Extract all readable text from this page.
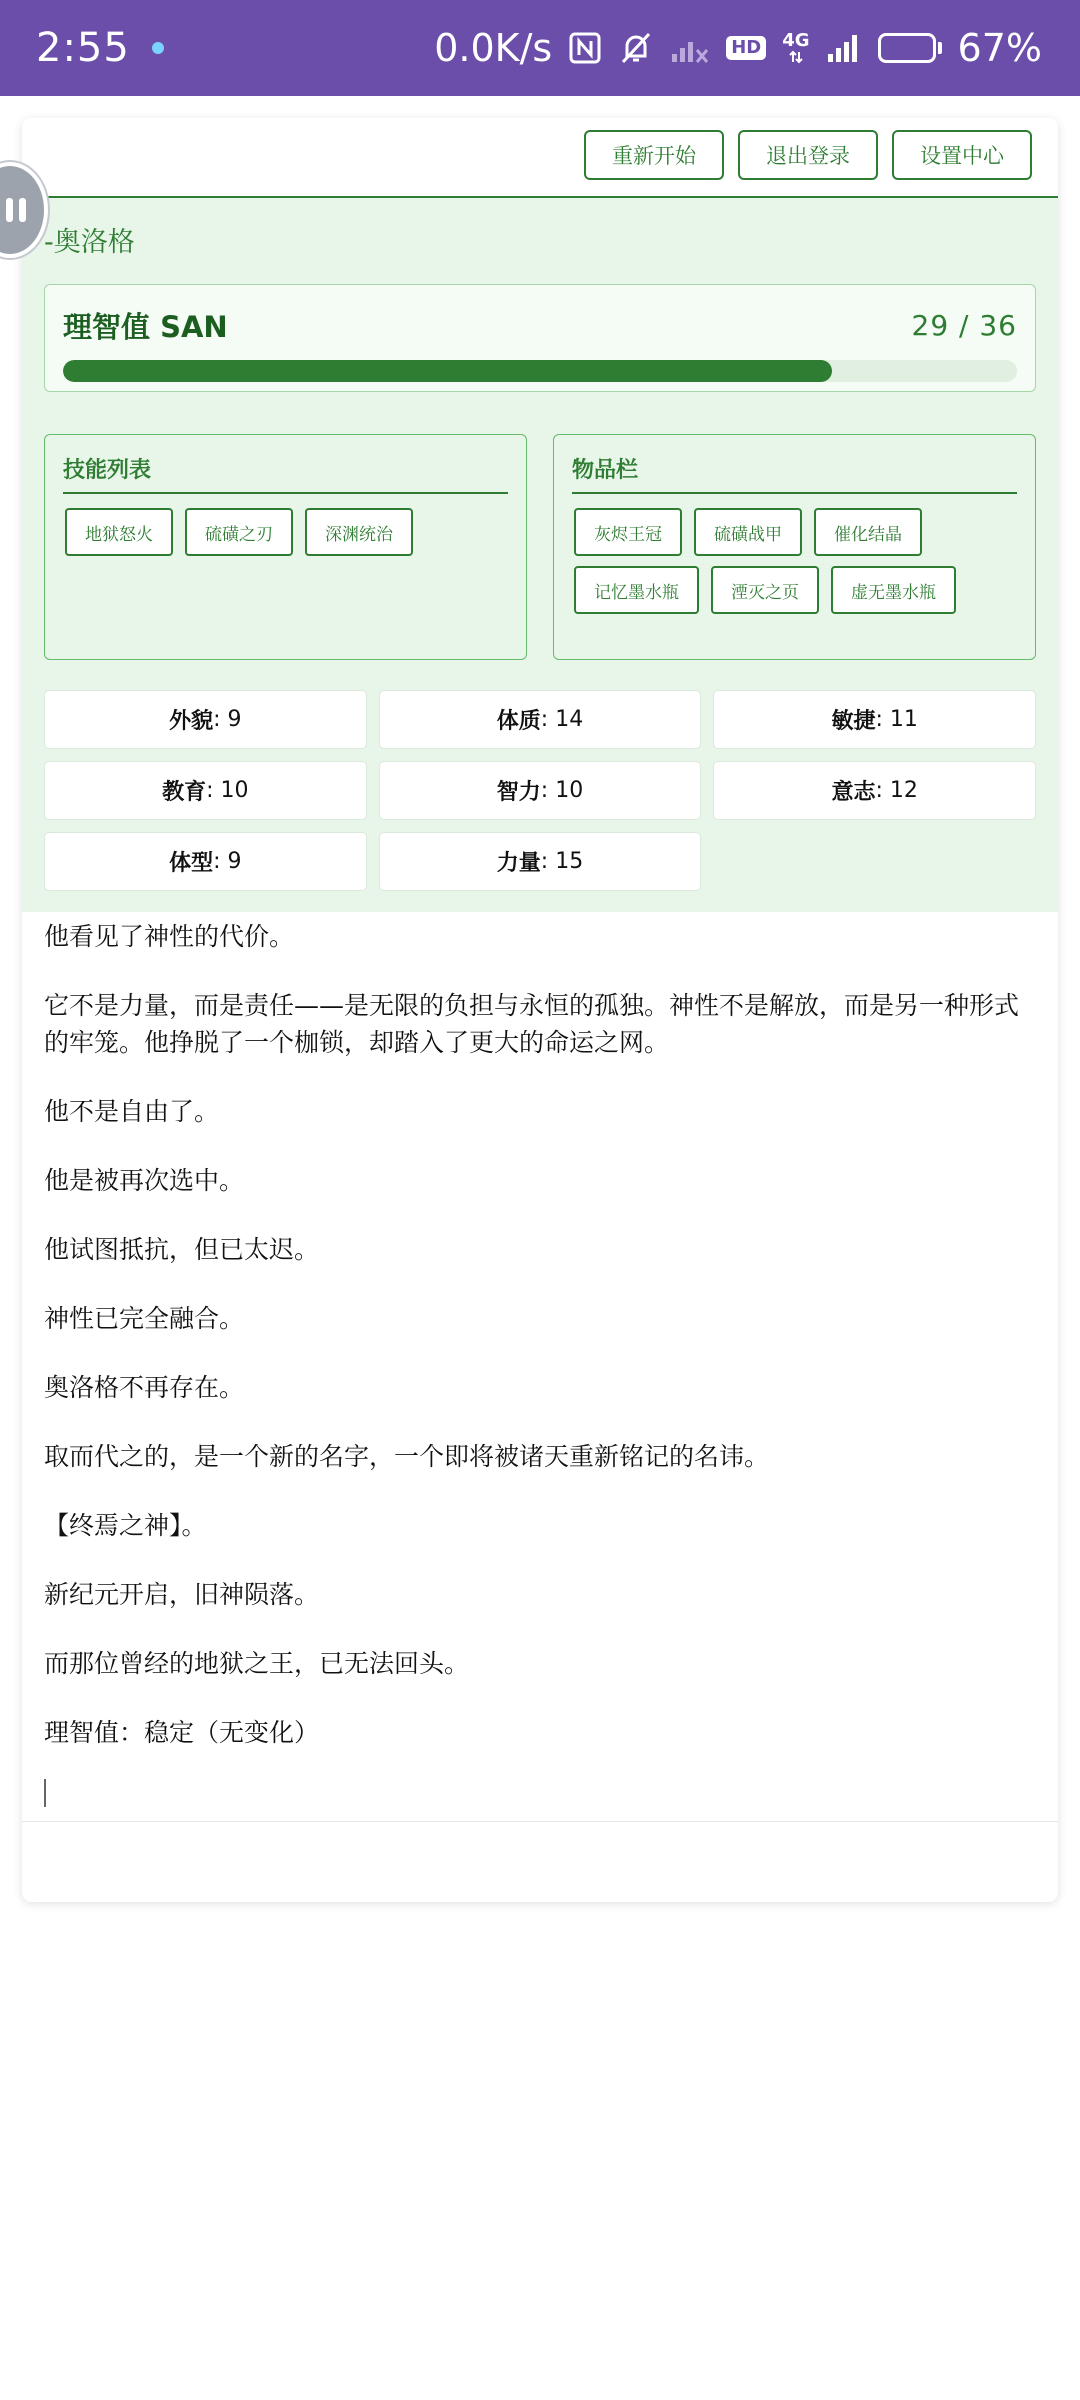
2:55	0.0K/s	HD 4G	67%
重新开始	退出登录	设置中心
-奥洛格
理智值 SAN	29 / 36
技能列表
地狱怒火	硫磺之刃	深渊统治
物品栏
灰烬王冠	硫磺战甲	催化结晶
记忆墨水瓶	湮灭之页	虚无墨水瓶
外貌 : 9	体质 : 14	敏捷 : 11
教育 : 10	智力 : 10	意志 : 12
体型 : 9	力量 : 15

他看见了神性的代价。

它不是力量，而是责任——是无限的负担与永恒的孤独。神性不是解放，而是另一种形式的牢笼。他挣脱了一个枷锁，却踏入了更大的命运之网。

他不是自由了。

他是被再次选中。

他试图抵抗，但已太迟。

神性已完全融合。

奥洛格不再存在。

取而代之的，是一个新的名字，一个即将被诸天重新铭记的名讳。

【终焉之神】。

新纪元开启，旧神陨落。

而那位曾经的地狱之王，已无法回头。

理智值：稳定（无变化）
